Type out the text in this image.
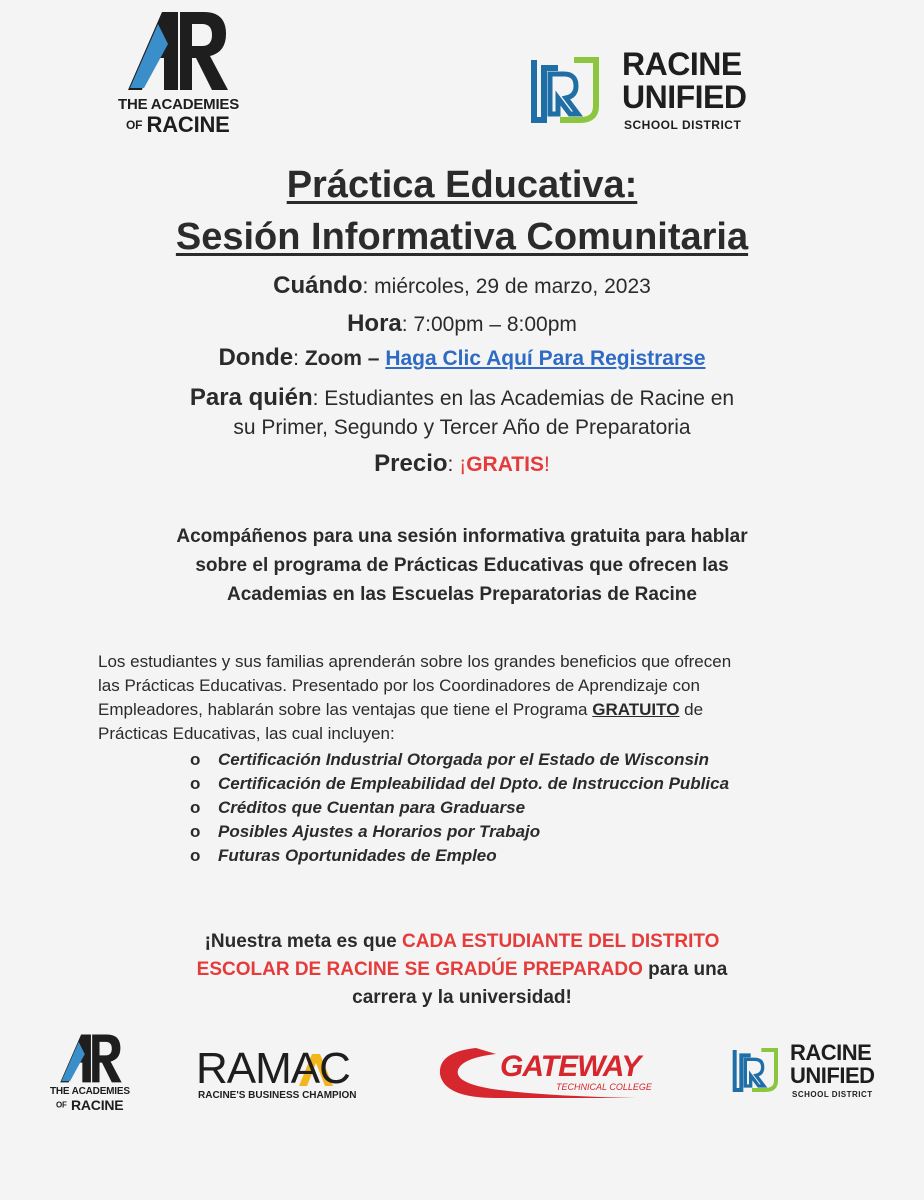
THE ACADEMIES
OF RACINE
RACINE
UNIFIED
SCHOOL DISTRICT
Práctica Educativa:
Sesión Informativa Comunitaria
Cuándo: miércoles, 29 de marzo, 2023
Hora: 7:00pm – 8:00pm
Donde: Zoom – Haga Clic Aquí Para Registrarse
Para quién: Estudiantes en las Academias de Racine en
su Primer, Segundo y Tercer Año de Preparatoria
Precio: ¡GRATIS!
Acompáñenos para una sesión informativa gratuita para hablar
sobre el programa de Prácticas Educativas que ofrecen las
Academias en las Escuelas Preparatorias de Racine
Los estudiantes y sus familias aprenderán sobre los grandes beneficios que ofrecen
las Prácticas Educativas. Presentado por los Coordinadores de Aprendizaje con
Empleadores, hablarán sobre las ventajas que tiene el Programa GRATUITO de
Prácticas Educativas, las cual incluyen:
o Certificación Industrial Otorgada por el Estado de Wisconsin
o Certificación de Empleabilidad del Dpto. de Instruccion Publica
o Créditos que Cuentan para Graduarse
o Posibles Ajustes a Horarios por Trabajo
o Futuras Oportunidades de Empleo
¡Nuestra meta es que CADA ESTUDIANTE DEL DISTRITO
ESCOLAR DE RACINE SE GRADÚE PREPARADO para una
carrera y la universidad!
THE ACADEMIES
OF RACINE
RAMAC
RACINE'S BUSINESS CHAMPION
GATEWAY
TECHNICAL COLLEGE
RACINE
UNIFIED
SCHOOL DISTRICT
